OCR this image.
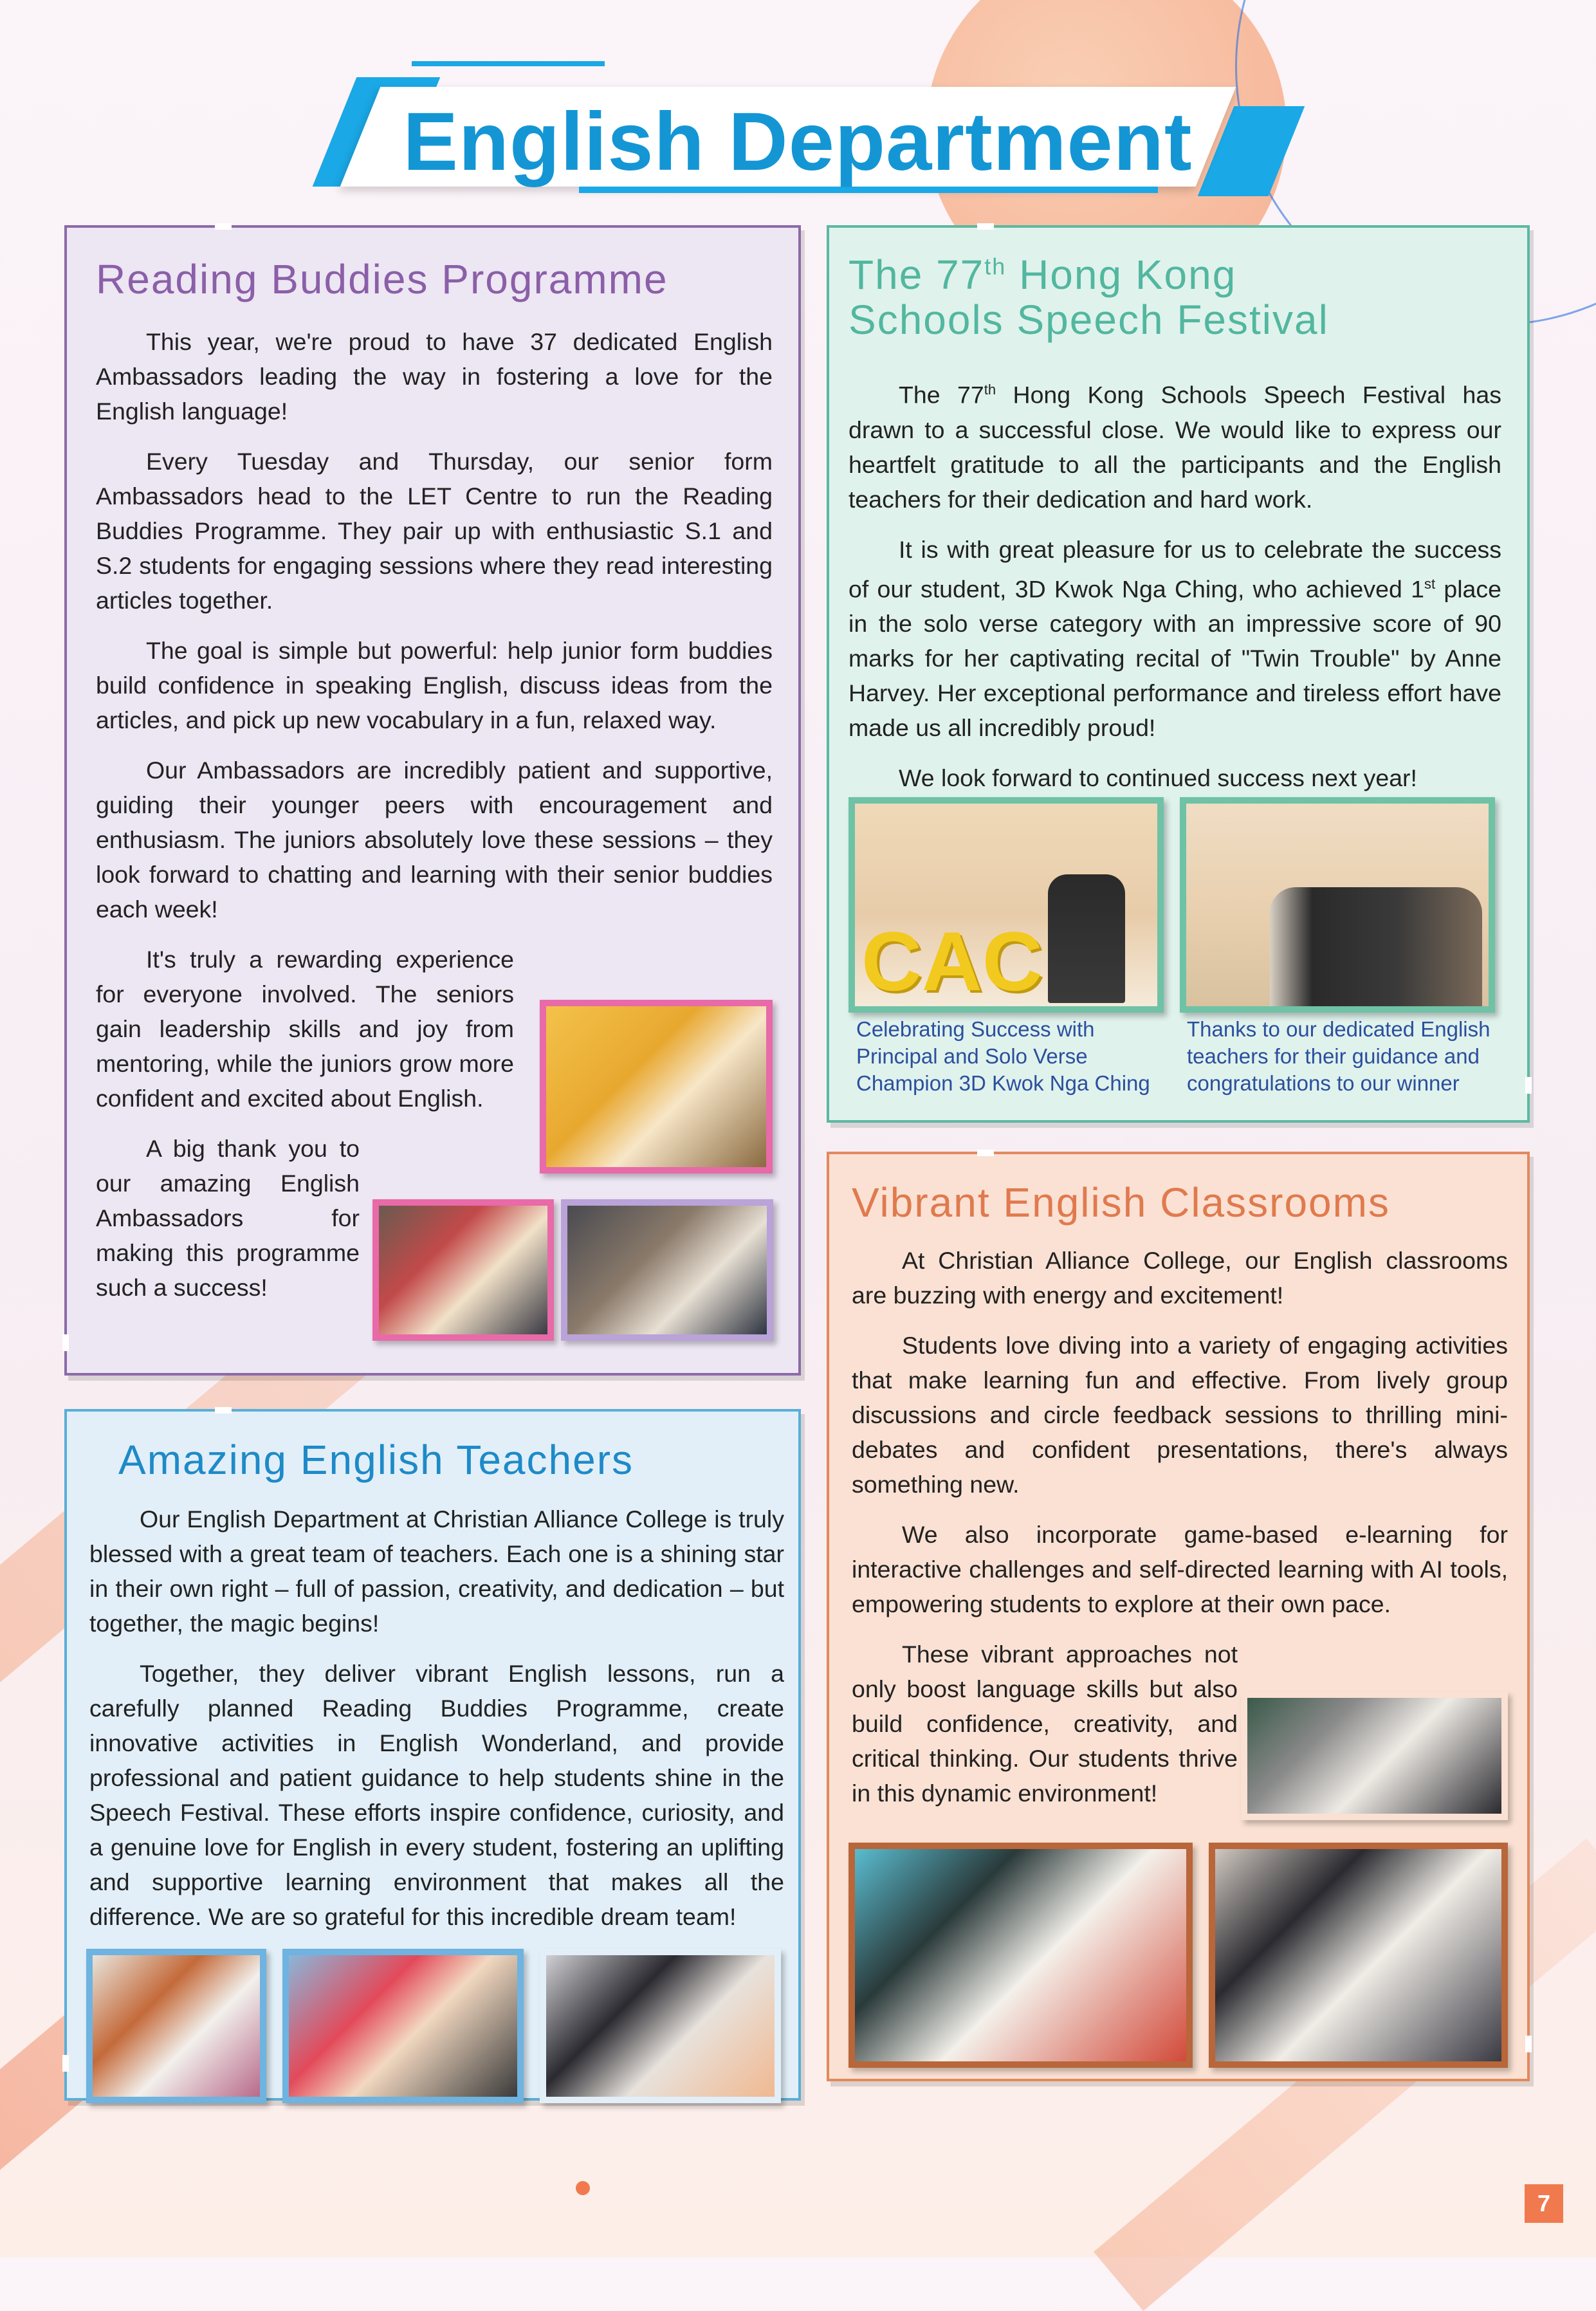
English Department
Reading Buddies Programme

This year, we're proud to have 37 dedicated English Ambassadors leading the way in fostering a love for the English language!

Every Tuesday and Thursday, our senior form Ambassadors head to the LET Centre to run the Reading Buddies Programme. They pair up with enthusiastic S.1 and S.2 students for engaging sessions where they read interesting articles together.

The goal is simple but powerful: help junior form buddies build confidence in speaking English, discuss ideas from the articles, and pick up new vocabulary in a fun, relaxed way.

Our Ambassadors are incredibly patient and supportive, guiding their younger peers with encouragement and enthusiasm. The juniors absolutely love these sessions – they look forward to chatting and learning with their senior buddies each week!

It's truly a rewarding experience for everyone involved. The seniors gain leadership skills and joy from mentoring, while the juniors grow more confident and excited about English.

A big thank you to our amazing English Ambassadors for making this programme such a success!

The 77th Hong Kong
Schools Speech Festival

The 77th Hong Kong Schools Speech Festival has drawn to a successful close. We would like to express our heartfelt gratitude to all the participants and the English teachers for their dedication and hard work.

It is with great pleasure for us to celebrate the success of our student, 3D Kwok Nga Ching, who achieved 1st place in the solo verse category with an impressive score of 90 marks for her captivating recital of "Twin Trouble" by Anne Harvey. Her exceptional performance and tireless effort have made us all incredibly proud!

We look forward to continued success next year!

CAC
Celebrating Success with Principal and Solo Verse Champion 3D Kwok Nga Ching
Thanks to our dedicated English teachers for their guidance and congratulations to our winner
Amazing English Teachers

Our English Department at Christian Alliance College is truly blessed with a great team of teachers. Each one is a shining star in their own right – full of passion, creativity, and dedication – but together, the magic begins!

Together, they deliver vibrant English lessons, run a carefully planned Reading Buddies Programme, create innovative activities in English Wonderland, and provide professional and patient guidance to help students shine in the Speech Festival. These efforts inspire confidence, curiosity, and a genuine love for English in every student, fostering an uplifting and supportive learning environment that makes all the difference. We are so grateful for this incredible dream team!

Vibrant English Classrooms

At Christian Alliance College, our English classrooms are buzzing with energy and excitement!

Students love diving into a variety of engaging activities that make learning fun and effective. From lively group discussions and circle feedback sessions to thrilling mini-debates and confident presentations, there's always something new.

We also incorporate game-based e-learning for interactive challenges and self-directed learning with AI tools, empowering students to explore at their own pace.

These vibrant approaches not only boost language skills but also build confidence, creativity, and critical thinking. Our students thrive in this dynamic environment!

7
